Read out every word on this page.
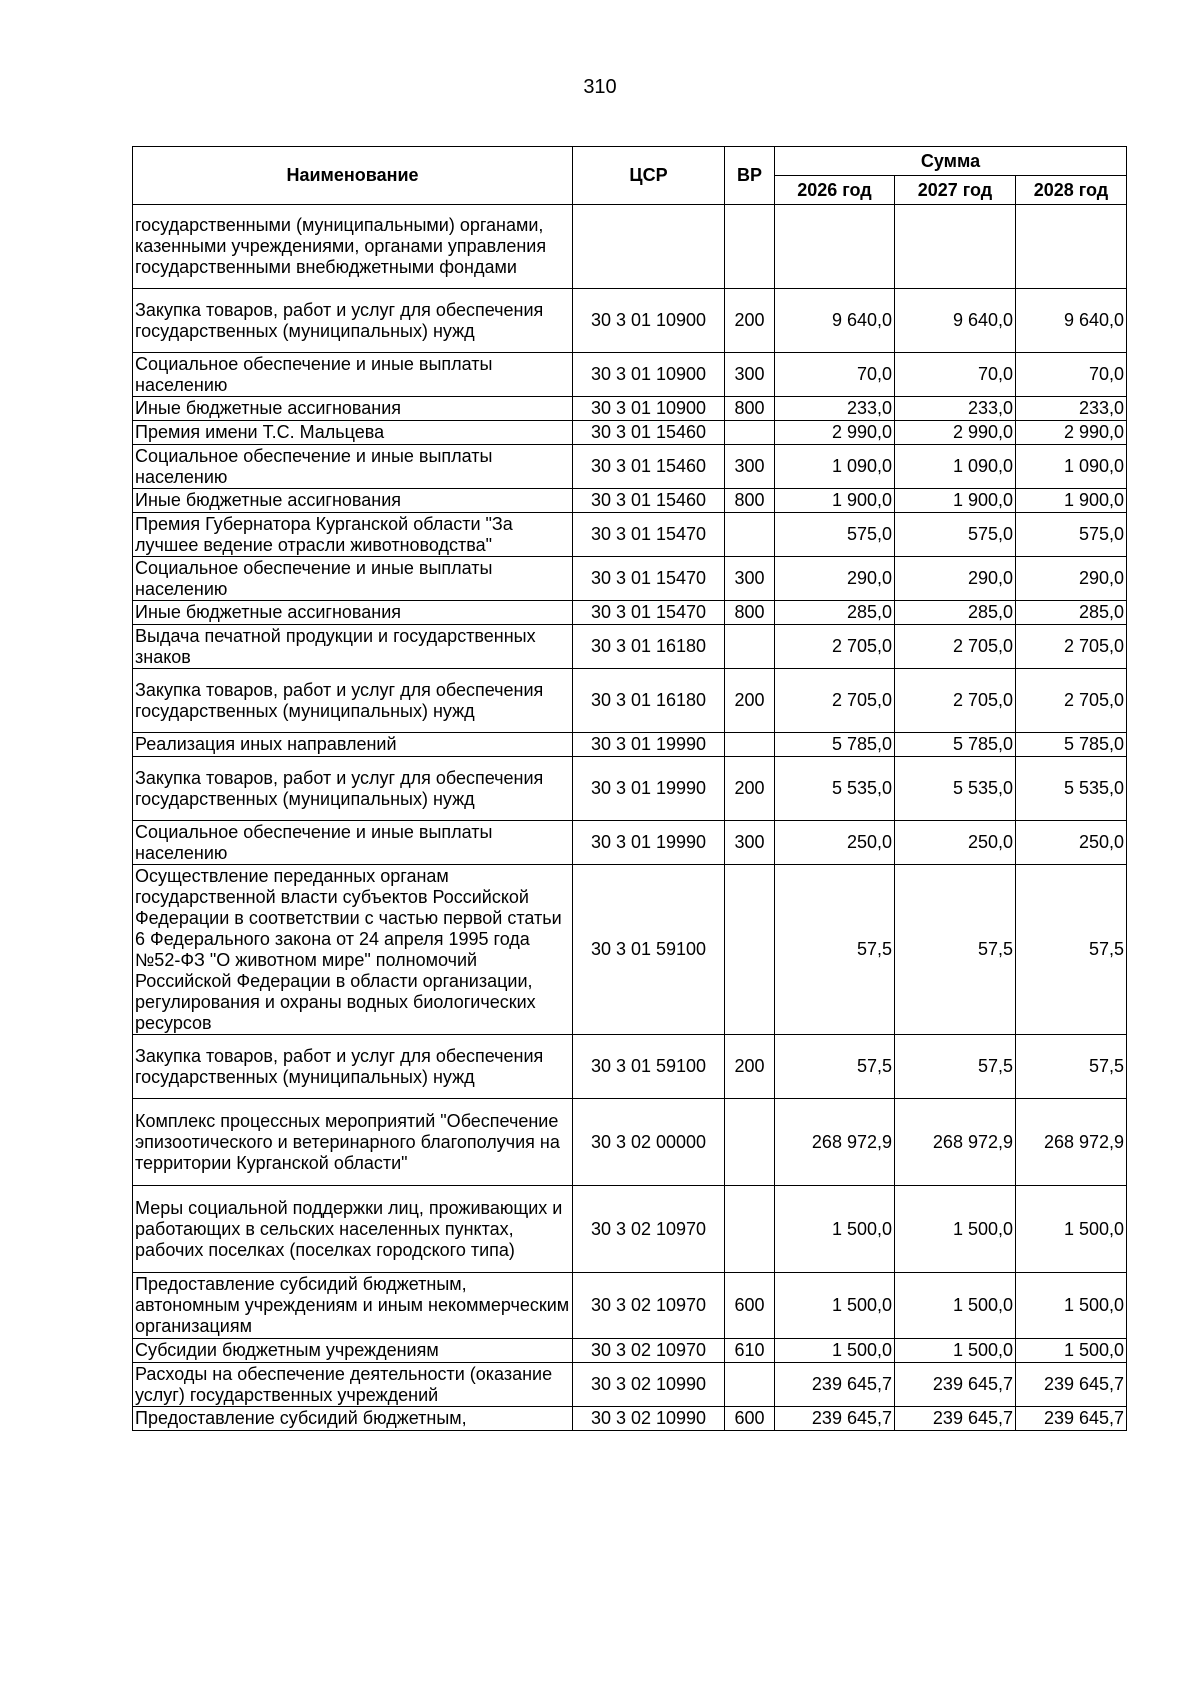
310
Наименование	ЦСР	ВР	Сумма		
			2026 год	2027 год	2028 год
государственными (муниципальными) органами, казенными учреждениями, органами управления государственными внебюджетными фондами					
Закупка товаров, работ и услуг для обеспечения государственных (муниципальных) нужд	30 3 01 10900	200	9 640,0	9 640,0	9 640,0
Социальное обеспечение и иные выплаты населению	30 3 01 10900	300	70,0	70,0	70,0
Иные бюджетные ассигнования	30 3 01 10900	800	233,0	233,0	233,0
Премия имени Т.С. Мальцева	30 3 01 15460		2 990,0	2 990,0	2 990,0
Социальное обеспечение и иные выплаты населению	30 3 01 15460	300	1 090,0	1 090,0	1 090,0
Иные бюджетные ассигнования	30 3 01 15460	800	1 900,0	1 900,0	1 900,0
Премия Губернатора Курганской области "За лучшее ведение отрасли животноводства"	30 3 01 15470		575,0	575,0	575,0
Социальное обеспечение и иные выплаты населению	30 3 01 15470	300	290,0	290,0	290,0
Иные бюджетные ассигнования	30 3 01 15470	800	285,0	285,0	285,0
Выдача печатной продукции и государственных знаков	30 3 01 16180		2 705,0	2 705,0	2 705,0
Закупка товаров, работ и услуг для обеспечения государственных (муниципальных) нужд	30 3 01 16180	200	2 705,0	2 705,0	2 705,0
Реализация иных направлений	30 3 01 19990		5 785,0	5 785,0	5 785,0
Закупка товаров, работ и услуг для обеспечения государственных (муниципальных) нужд	30 3 01 19990	200	5 535,0	5 535,0	5 535,0
Социальное обеспечение и иные выплаты населению	30 3 01 19990	300	250,0	250,0	250,0
Осуществление переданных органам государственной власти субъектов Российской Федерации в соответствии с частью первой статьи 6 Федерального закона от 24 апреля 1995 года №52-ФЗ "О животном мире" полномочий Российской Федерации в области организации, регулирования и охраны водных биологических ресурсов	30 3 01 59100		57,5	57,5	57,5
Закупка товаров, работ и услуг для обеспечения государственных (муниципальных) нужд	30 3 01 59100	200	57,5	57,5	57,5
Комплекс процессных мероприятий "Обеспечение эпизоотического и ветеринарного благополучия на территории Курганской области"	30 3 02 00000		268 972,9	268 972,9	268 972,9
Меры социальной поддержки лиц, проживающих и работающих в сельских населенных пунктах, рабочих поселках (поселках городского типа)	30 3 02 10970		1 500,0	1 500,0	1 500,0
Предоставление субсидий бюджетным, автономным учреждениям и иным некоммерческим организациям	30 3 02 10970	600	1 500,0	1 500,0	1 500,0
Субсидии бюджетным учреждениям	30 3 02 10970	610	1 500,0	1 500,0	1 500,0
Расходы на обеспечение деятельности (оказание услуг) государственных учреждений	30 3 02 10990		239 645,7	239 645,7	239 645,7
Предоставление субсидий бюджетным,	30 3 02 10990	600	239 645,7	239 645,7	239 645,7
